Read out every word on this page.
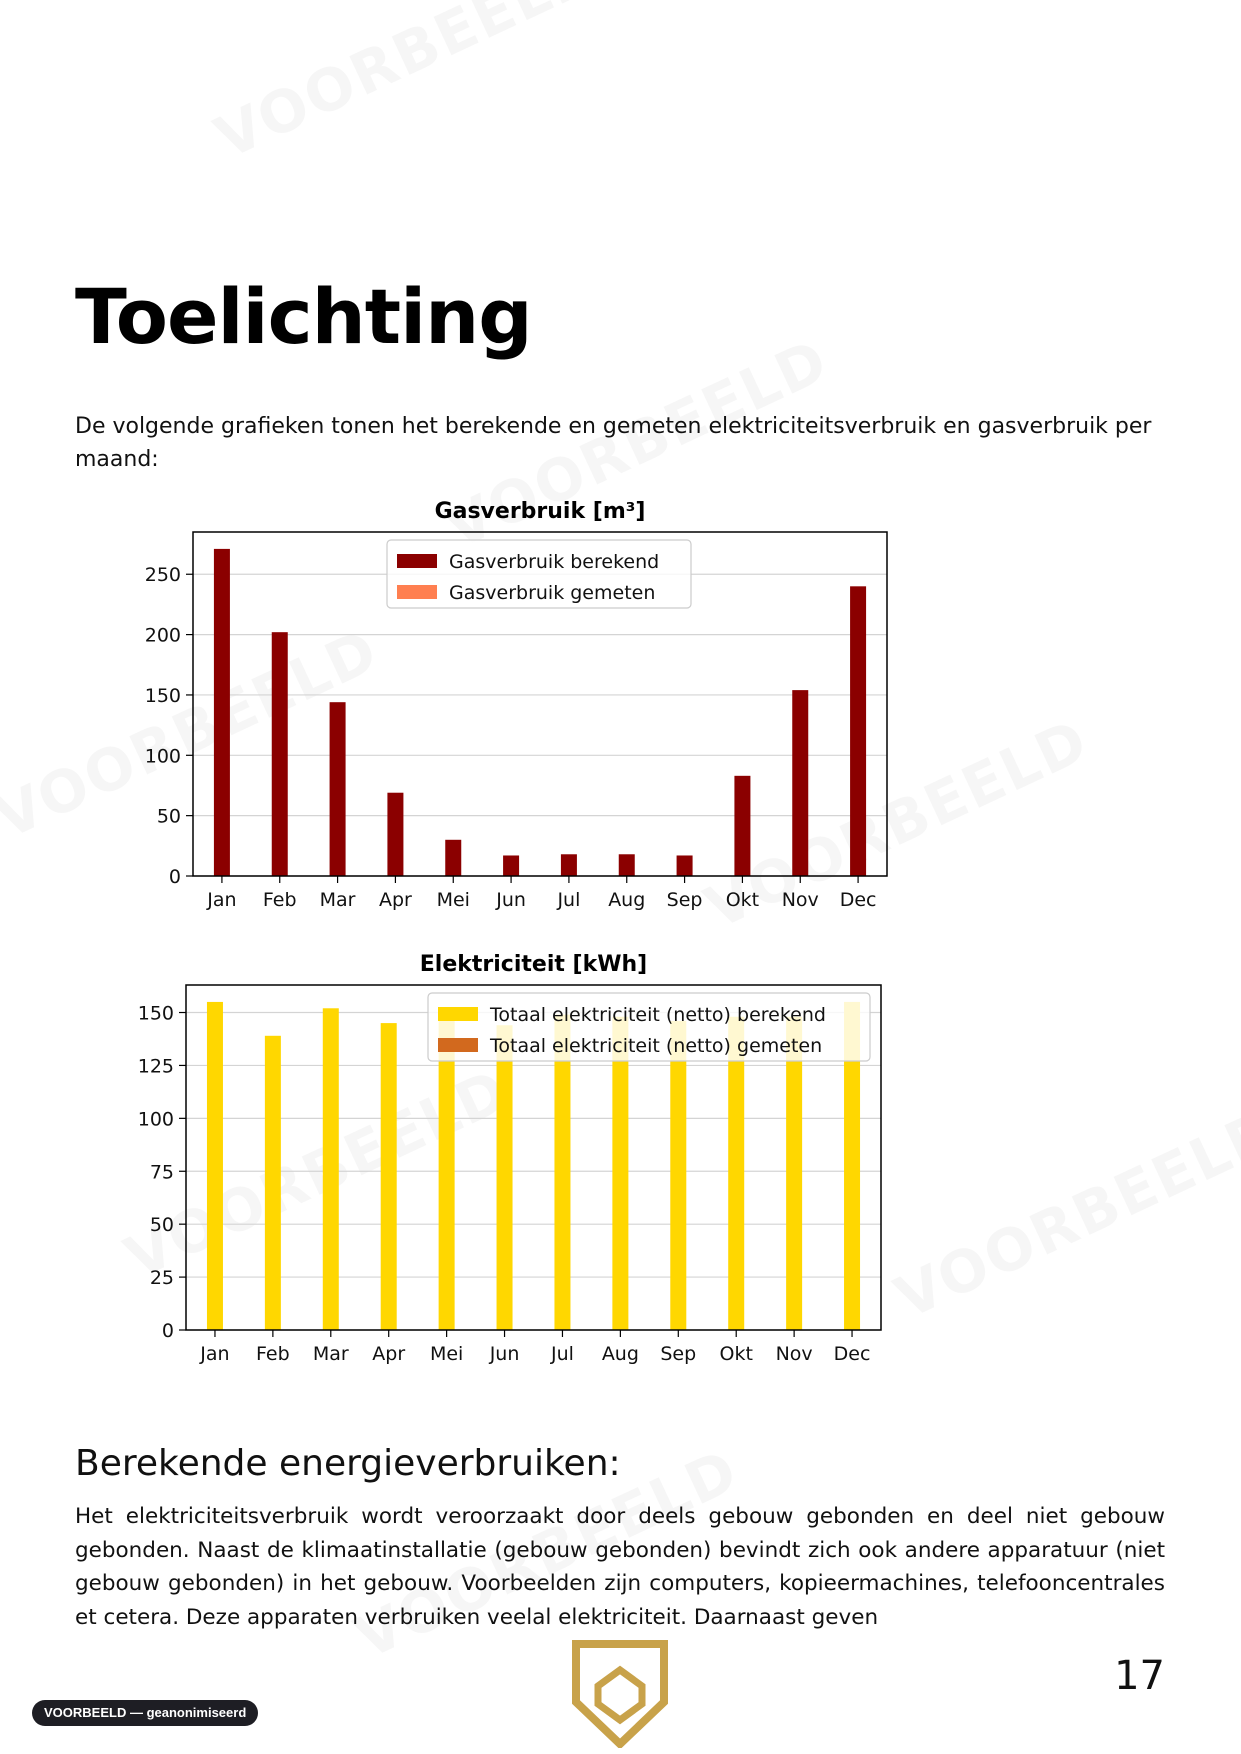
Toelichting

De volgende grafieken tonen het berekende en gemeten elektriciteitsverbruik en gasverbruik per maand:

Gasverbruik [m³]
0
50
100
150
200
250
Jan Feb Mar Apr Mei Jun Jul Aug Sep Okt Nov Dec
Gasverbruik berekend
Gasverbruik gemeten
Elektriciteit [kWh]
0
25
50
75
100
125
150
Jan Feb Mar Apr Mei Jun Jul Aug Sep Okt Nov Dec
Totaal elektriciteit (netto) berekend
Totaal elektriciteit (netto) gemeten
Berekende energieverbruiken:

Het elektriciteitsverbruik wordt veroorzaakt door deels gebouw gebonden en deel niet gebouw gebonden. Naast de klimaatinstallatie (gebouw gebonden) bevindt zich ook andere apparatuur (niet gebouw gebonden) in het gebouw. Voorbeelden zijn computers, kopieermachines, telefooncentrales et cetera. Deze apparaten verbruiken veelal elektriciteit. Daarnaast geven

VOORBEELD — geanonimiseerd
17
